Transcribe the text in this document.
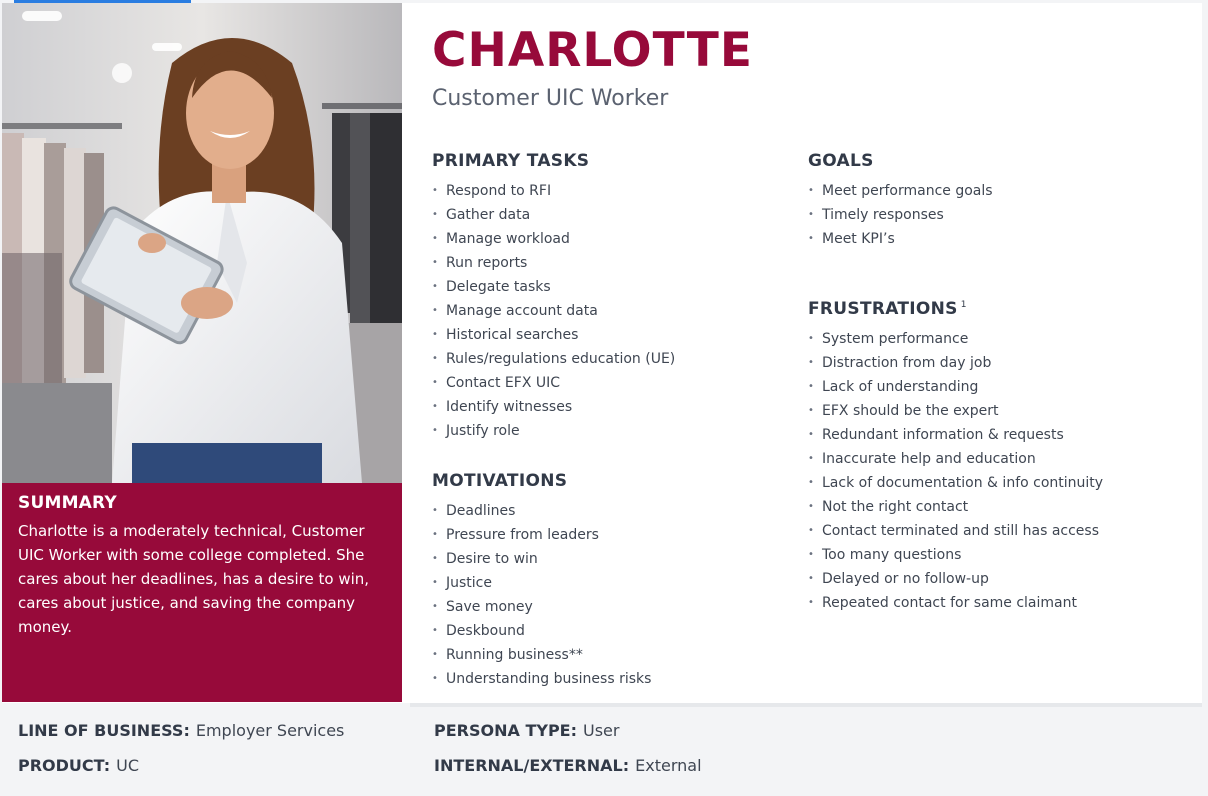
SUMMARY

Charlotte is a moderately technical, Customer UIC Worker with some college completed. She cares about her deadlines, has a desire to win, cares about justice, and saving the company money.

CHARLOTTE
Customer UIC Worker
PRIMARY TASKS
• Respond to RFI
• Gather data
• Manage workload
• Run reports
• Delegate tasks
• Manage account data
• Historical searches
• Rules/regulations education (UE)
• Contact EFX UIC
• Identify witnesses
• Justify role
MOTIVATIONS
• Deadlines
• Pressure from leaders
• Desire to win
• Justice
• Save money
• Deskbound
• Running business**
• Understanding business risks
GOALS
• Meet performance goals
• Timely responses
• Meet KPI’s
FRUSTRATIONS $^1$
• System performance
• Distraction from day job
• Lack of understanding
• EFX should be the expert
• Redundant information & requests
• Inaccurate help and education
• Lack of documentation & info continuity
• Not the right contact
• Contact terminated and still has access
• Too many questions
• Delayed or no follow-up
• Repeated contact for same claimant
LINE OF BUSINESS: Employer Services
PRODUCT: UC
PERSONA TYPE: User
INTERNAL/EXTERNAL: External
